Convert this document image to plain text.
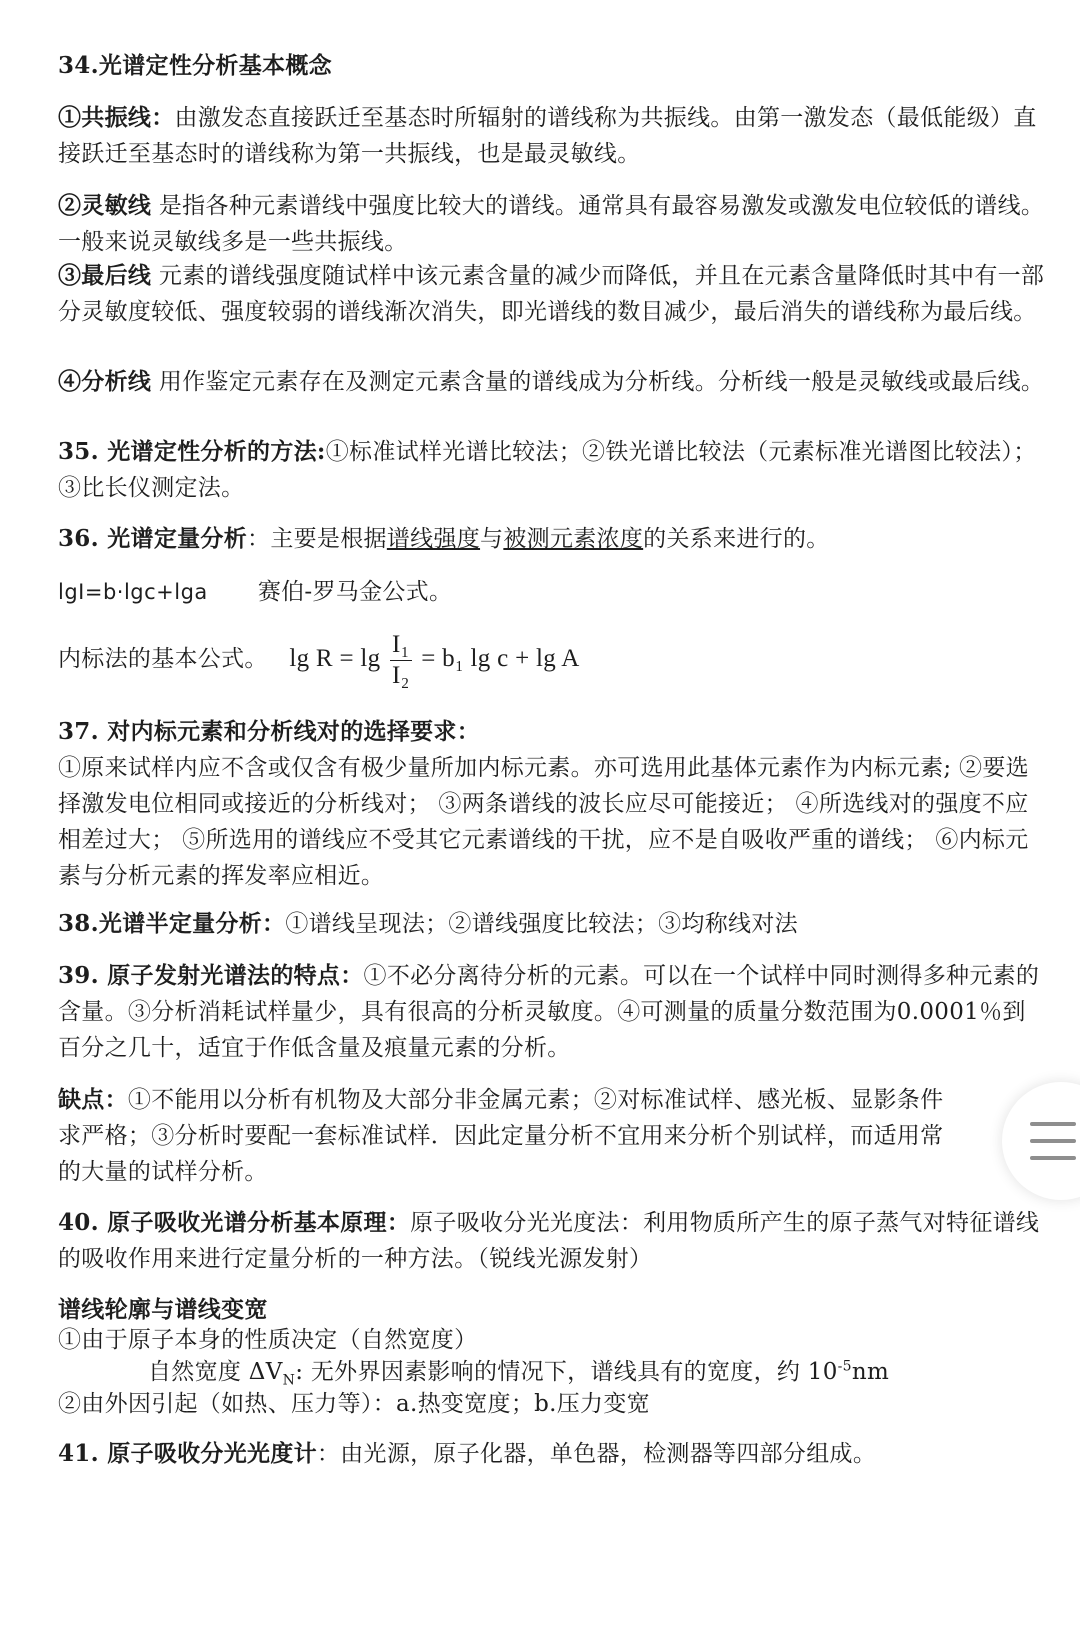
34.光谱定性分析基本概念
①共振线：由激发态直接跃迁至基态时所辐射的谱线称为共振线。由第一激发态（最低能级）直接跃迁至基态时的谱线称为第一共振线，也是最灵敏线。
②灵敏线 是指各种元素谱线中强度比较大的谱线。通常具有最容易激发或激发电位较低的谱线。一般来说灵敏线多是一些共振线。
③最后线 元素的谱线强度随试样中该元素含量的减少而降低，并且在元素含量降低时其中有一部分灵敏度较低、强度较弱的谱线渐次消失，即光谱线的数目减少，最后消失的谱线称为最后线。
④分析线 用作鉴定元素存在及测定元素含量的谱线成为分析线。分析线一般是灵敏线或最后线。
35. 光谱定性分析的方法:①标准试样光谱比较法；②铁光谱比较法（元素标准光谱图比较法）；③比长仪测定法。
36. 光谱定量分析：主要是根据谱线强度与被测元素浓度的关系来进行的。
lgI=b·lgc+lga 赛伯-罗马金公式。
内标法的基本公式。 $\lg R = \lg \frac{\text{I₁}}{\text{I₂}} = b_1$ lg c + lg A
37. 对内标元素和分析线对的选择要求：
①原来试样内应不含或仅含有极少量所加内标元素。亦可选用此基体元素作为内标元素; ②要选择激发电位相同或接近的分析线对； ③两条谱线的波长应尽可能接近； ④所选线对的强度不应相差过大； ⑤所选用的谱线应不受其它元素谱线的干扰，应不是自吸收严重的谱线； ⑥内标元素与分析元素的挥发率应相近。
38.光谱半定量分析：①谱线呈现法；②谱线强度比较法；③均称线对法
39. 原子发射光谱法的特点：①不必分离待分析的元素。可以在一个试样中同时测得多种元素的含量。③分析消耗试样量少，具有很高的分析灵敏度。④可测量的质量分数范围为0.0001％到百分之几十，适宜于作低含量及痕量元素的分析。
缺点：①不能用以分析有机物及大部分非金属元素；②对标准试样、感光板、显影条件求严格；③分析时要配一套标准试样．因此定量分析不宜用来分析个别试样，而适用常的大量的试样分析。
40. 原子吸收光谱分析基本原理：原子吸收分光光度法：利用物质所产生的原子蒸气对特征谱线的吸收作用来进行定量分析的一种方法。（锐线光源发射）
谱线轮廓与谱线变宽
①由于原子本身的性质决定（自然宽度）
自然宽度 $\Delta V_N$: 无外界因素影响的情况下，谱线具有的宽度，约 $10^{-5}nm$
②由外因引起（如热、压力等）：a.热变宽度；b.压力变宽
41. 原子吸收分光光度计：由光源，原子化器，单色器，检测器等四部分组成。
